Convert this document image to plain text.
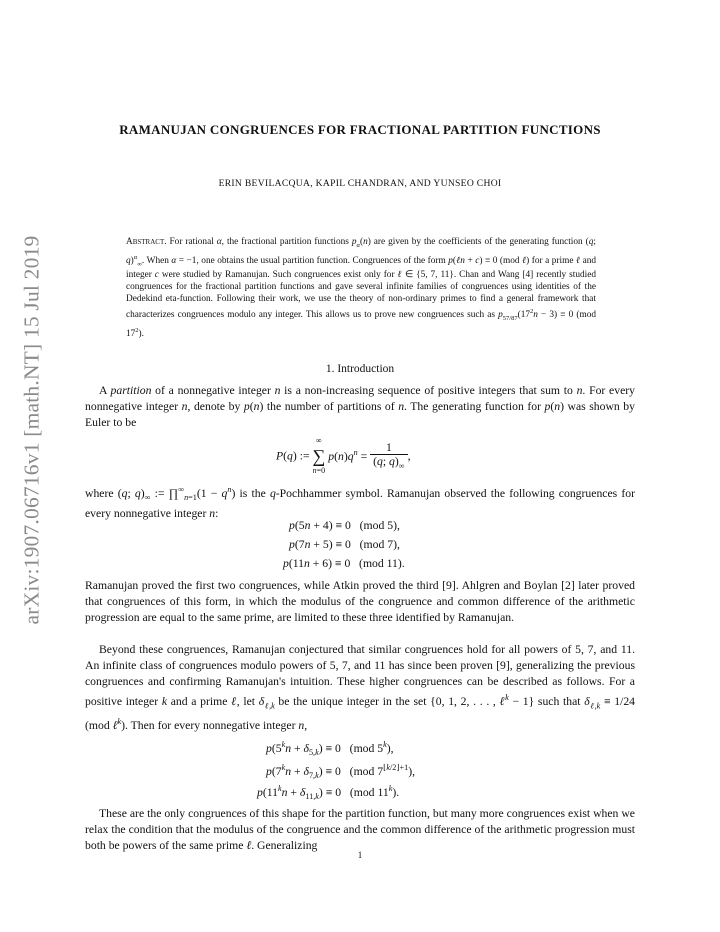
arXiv:1907.06716v1 [math.NT] 15 Jul 2019
RAMANUJAN CONGRUENCES FOR FRACTIONAL PARTITION FUNCTIONS
ERIN BEVILACQUA, KAPIL CHANDRAN, AND YUNSEO CHOI
Abstract. For rational α, the fractional partition functions $p_\alpha(n)$ are given by the coefficients of the generating function (q; q)$^\alpha_\infty$. When α = −1, one obtains the usual partition function. Congruences of the form p(ℓn + c) ≡ 0 (mod ℓ) for a prime ℓ and integer c were studied by Ramanujan. Such congruences exist only for ℓ ∈ {5, 7, 11}. Chan and Wang [4] recently studied congruences for the fractional partition functions and gave several infinite families of congruences using identities of the Dedekind eta-function. Following their work, we use the theory of non-ordinary primes to find a general framework that characterizes congruences modulo any integer. This allows us to prove new congruences such as $p_{57/87}(17^2n - 3) \equiv 0$ (mod $17^2$).
1. Introduction
A partition of a nonnegative integer n is a non-increasing sequence of positive integers that sum to n. For every nonnegative integer n, denote by p(n) the number of partitions of n. The generating function for p(n) was shown by Euler to be
P(q) :=
∞
∑
n=0
$p(n)q^n = \frac{1}{(q; q)_\infty}$ ,
where (q; $q)_\infty$ := $\prod^\infty_{n=1}(1 - q^n)$ is the q-Pochhammer symbol. Ramanujan observed the following congruences for every nonnegative integer n:
p(5n + 4) ≡ 0   (mod 5),
p(7n + 5) ≡ 0   (mod 7),
p(11n + 6) ≡ 0   (mod 11).
Ramanujan proved the first two congruences, while Atkin proved the third [9]. Ahlgren and Boylan [2] later proved that congruences of this form, in which the modulus of the congruence and common difference of the arithmetic progression are equal to the same prime, are limited to these three identified by Ramanujan.
Beyond these congruences, Ramanujan conjectured that similar congruences hold for all powers of 5, 7, and 11. An infinite class of congruences modulo powers of 5, 7, and 11 has since been proven [9], generalizing the previous congruences and confirming Ramanujan's intuition. These higher congruences can be described as follows. For a positive integer k and a prime ℓ, let $\delta_{\ell,k}$ be the unique integer in the set {0, 1, 2, . . . , ℓ$^k$ − 1} such that $\delta_{\ell,k} \equiv 1/24$ (mod ℓ$^k$). Then for every nonnegative integer n,
$p(5^kn + \delta_{5,k}) \equiv 0$   (mod 5$^k$),
$p(7^kn + \delta_{7,k}) \equiv 0$   (mod $7^{⌊k/2⌋+1}$),
$p(11^kn + \delta_{11,k}) \equiv 0$   (mod 11$^k$).
These are the only congruences of this shape for the partition function, but many more congruences exist when we relax the condition that the modulus of the congruence and the common difference of the arithmetic progression must both be powers of the same prime ℓ. Generalizing
1
